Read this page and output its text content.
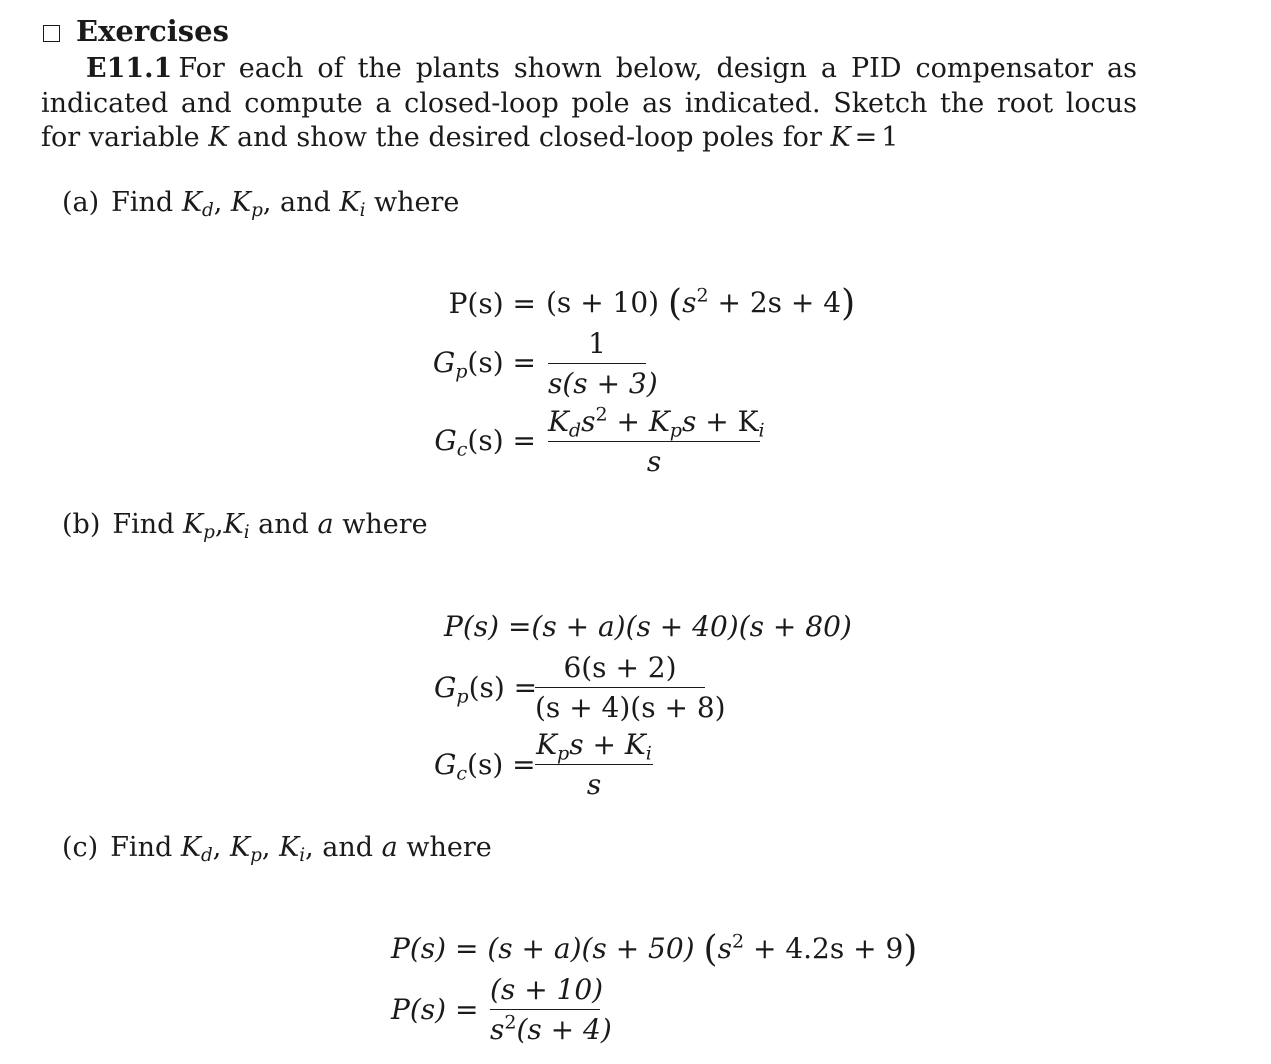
Exercises
E11.1 For each of the plants shown below, design a PID compensator as indicated and compute a closed-loop pole as indicated. Sketch the root locus for variable K and show the desired closed-loop poles for K = 1
(a) Find $K_d$, $K_p$, and $K_i$ where
P(s) = (s + 10) $(s^2 + 2s + 4)$
$G_p(s)$ =
1
s(s + 3)
$G_c(s)$ =
$K_ds^2 + K_ps + K_i$
s
(b) Find $K_p,K_i$ and a where
P(s) =(s + a)(s + 40)(s + 80)
$G_p(s)$ =
6(s + 2)
(s + 4)(s + 8)
$G_c(s)$ =
$K_ps + K_i$
s
(c) Find $K_d$, $K_p$, $K_i$, and a where
P(s) = (s + a)(s + 50) $(s^2 + 4.2s + 9)$
P(s) =
(s + 10)
$s^2(s + 4)$
